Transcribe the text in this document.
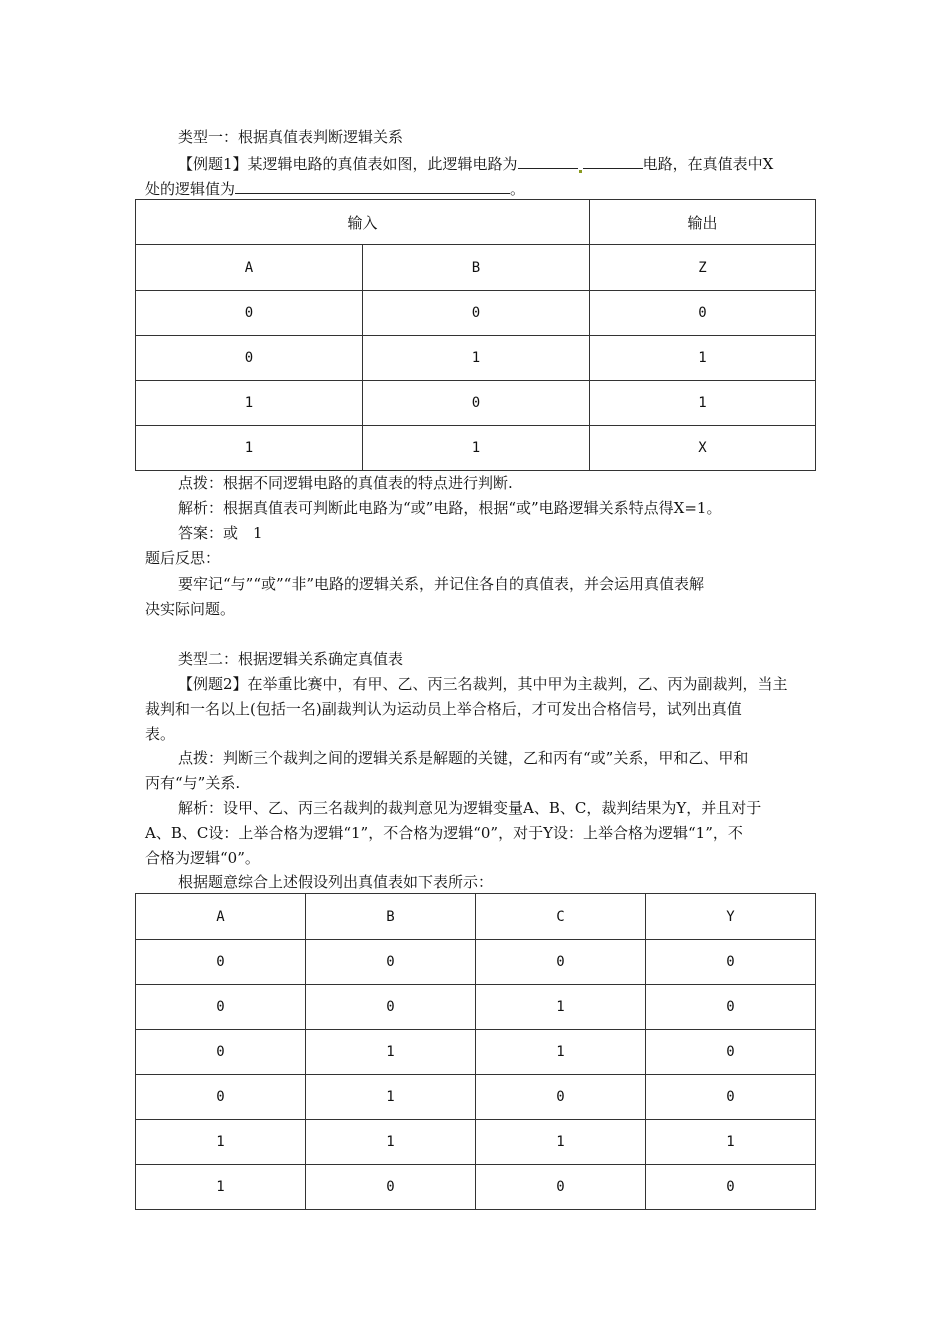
类型一：根据真值表判断逻辑关系
【例题1】某逻辑电路的真值表如图，此逻辑电路为	电路，在真值表中X
处的逻辑值为	。
输入		输出
A	B	Z
0	0	0
0	1	1
1	0	1
1	1	X
点拨：根据不同逻辑电路的真值表的特点进行判断.
解析：根据真值表可判断此电路为“或”电路，根据“或”电路逻辑关系特点得X=1。
答案：或　1
题后反思：
要牢记“与”“或”“非”电路的逻辑关系，并记住各自的真值表，并会运用真值表解
决实际问题。
类型二：根据逻辑关系确定真值表
【例题2】在举重比赛中，有甲、乙、丙三名裁判，其中甲为主裁判，乙、丙为副裁判，当主
裁判和一名以上(包括一名)副裁判认为运动员上举合格后，才可发出合格信号，试列出真值
表。
点拨：判断三个裁判之间的逻辑关系是解题的关键，乙和丙有“或”关系，甲和乙、甲和
丙有“与”关系.
解析：设甲、乙、丙三名裁判的裁判意见为逻辑变量A、B、C，裁判结果为Y，并且对于
A、B、C设：上举合格为逻辑“1”，不合格为逻辑“0”，对于Y设：上举合格为逻辑“1”，不
合格为逻辑“0”。
根据题意综合上述假设列出真值表如下表所示：
A	B	C	Y
0	0	0	0
0	0	1	0
0	1	1	0
0	1	0	0
1	1	1	1
1	0	0	0
